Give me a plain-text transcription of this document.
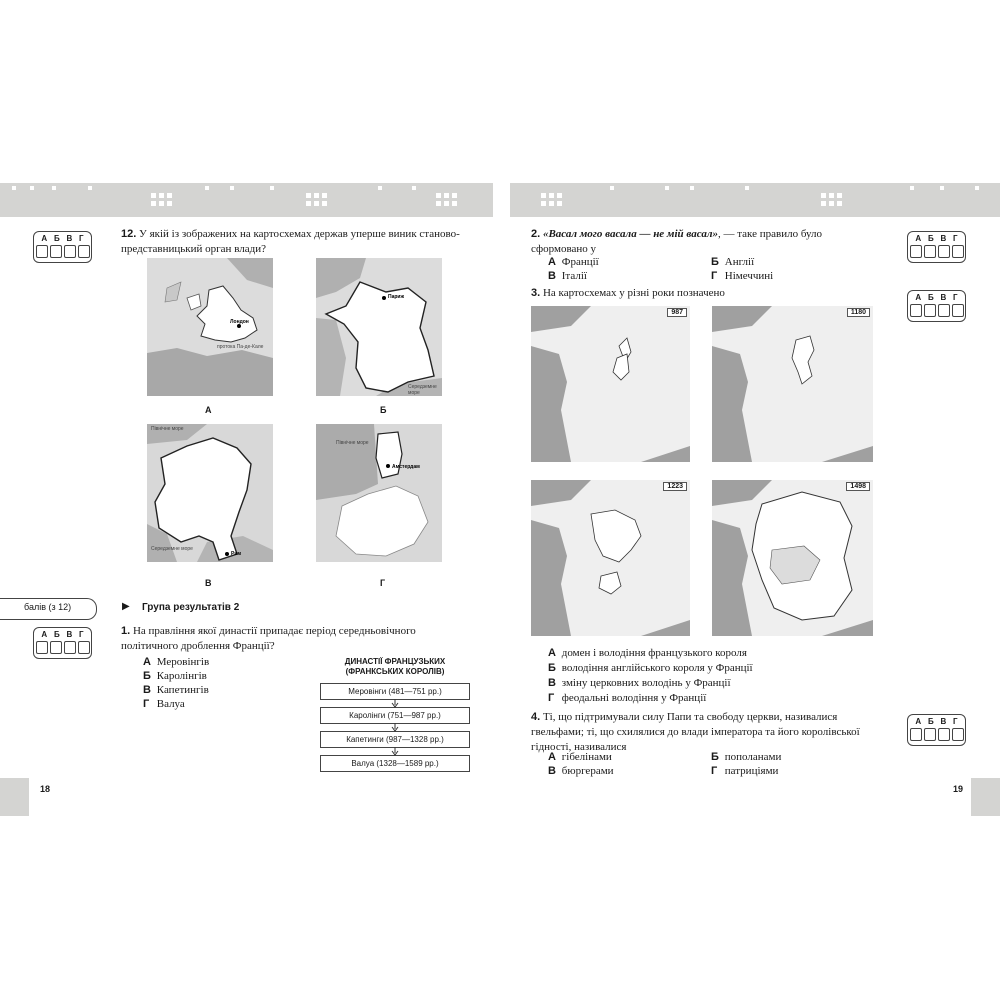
А Б В Г
А Б В Г
А Б В Г
А Б В Г
А Б В Г
12. У якій із зображених на картосхемах держав уперше виник станово-представницький орган влади?
Лондон
протока Па-де-Кале
А
Париж
Середземне море
Б
Північне море
Середземне море
Рим
В
Північне море
Амстердам
Г
балів (з 12)	▶ Група результатів 2
1. На правління якої династії припадає період середньовічного політичного дроблення Франції?
А Меровінгів
Б Каролінгів
В Капетингів
Г Валуа
ДИНАСТІЇ ФРАНЦУЗЬКИХ
(ФРАНКСЬКИХ КОРОЛІВ)
Меровінги (481—751 рр.)
Каролінги (751—987 рр.)
Капетинги (987—1328 рр.)
Валуа (1328—1589 рр.)
18
2. «Васал мого васала — не мій васал», — таке правило було сформовано у
А Франції	Б Англії
В Італії	Г Німеччині
3. На картосхемах у різні роки позначено
987	1180
1223	1498
А домен і володіння французького короля
Б володіння англійського короля у Франції
В зміну церковних володінь у Франції
Г феодальні володіння у Франції
4. Ті, що підтримували силу Папи та свободу церкви, називалися гвельфами; ті, що схилялися до влади імператора та його королівської гідності, називалися
А гібелінами	Б пополанами
В бюргерами	Г патриціями
19
